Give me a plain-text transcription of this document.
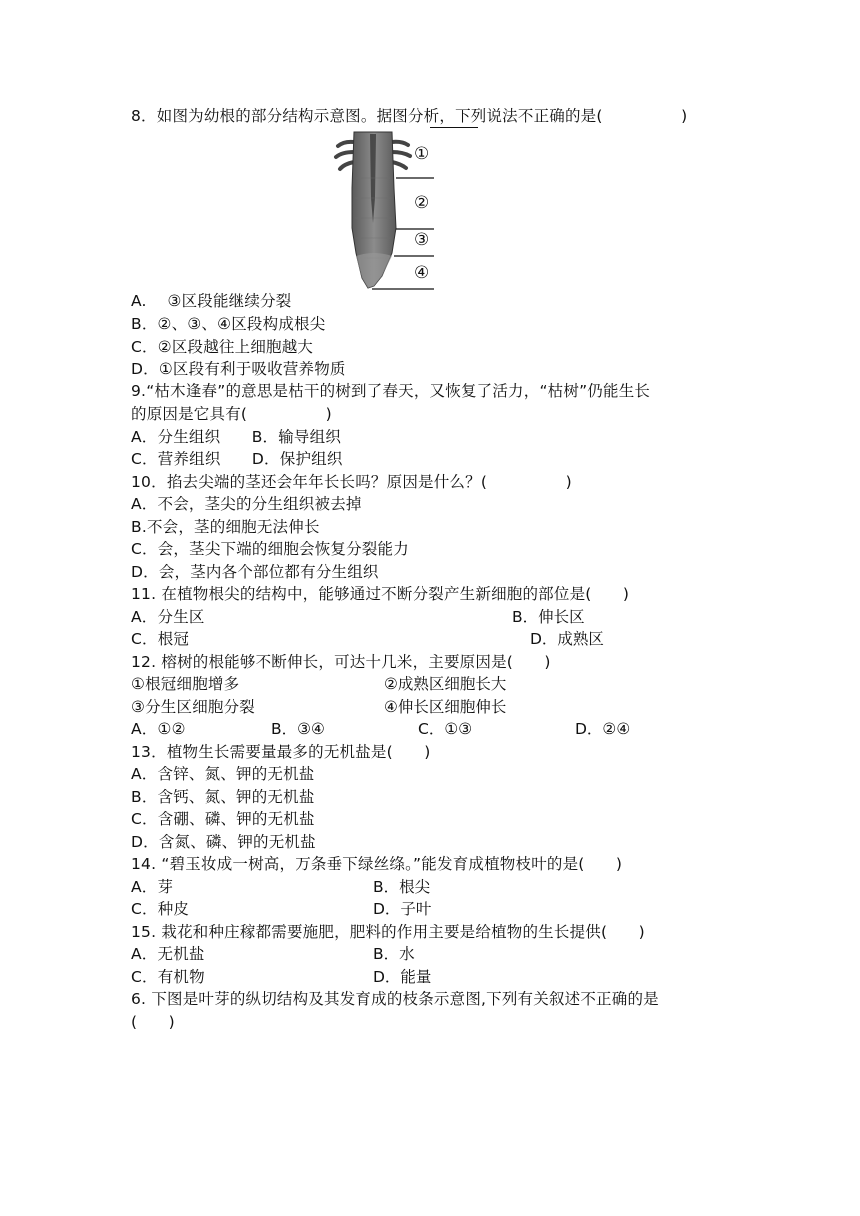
8．如图为幼根的部分结构示意图。据图分析，下列说法不正确的是(　　　　　)
①
②
③
④
A.　 ③区段能继续分裂
B．②、③、④区段构成根尖
C．②区段越往上细胞越大
D．①区段有利于吸收营养物质
9.“枯木逢春”的意思是枯干的树到了春天，又恢复了活力，“枯树”仍能生长
的原因是它具有(　　　　　)
A．分生组织　　B．输导组织
C．营养组织　　D．保护组织
10．掐去尖端的茎还会年年长长吗？原因是什么？(　　　　　)
A．不会，茎尖的分生组织被去掉
B.不会，茎的细胞无法伸长
C．会，茎尖下端的细胞会恢复分裂能力
D．会，茎内各个部位都有分生组织
11. 在植物根尖的结构中，能够通过不断分裂产生新细胞的部位是(　　)
A．分生区	B．伸长区
C．根冠	D．成熟区
12. 榕树的根能够不断伸长，可达十几米，主要原因是(　　)
①根冠细胞增多	②成熟区细胞长大
③分生区细胞分裂	④伸长区细胞伸长
A．①②	B．③④	C．①③	D．②④
13．植物生长需要量最多的无机盐是(　　)
A．含锌、氮、钾的无机盐
B．含钙、氮、钾的无机盐
C．含硼、磷、钾的无机盐
D．含氮、磷、钾的无机盐
14. “碧玉妆成一树高，万条垂下绿丝绦。”能发育成植物枝叶的是(　　)
A．芽	B．根尖
C．种皮	D．子叶
15. 栽花和种庄稼都需要施肥，肥料的作用主要是给植物的生长提供(　　)
A．无机盐	B．水
C．有机物	D．能量
6. 下图是叶芽的纵切结构及其发育成的枝条示意图,下列有关叙述不正确的是
(　　)
